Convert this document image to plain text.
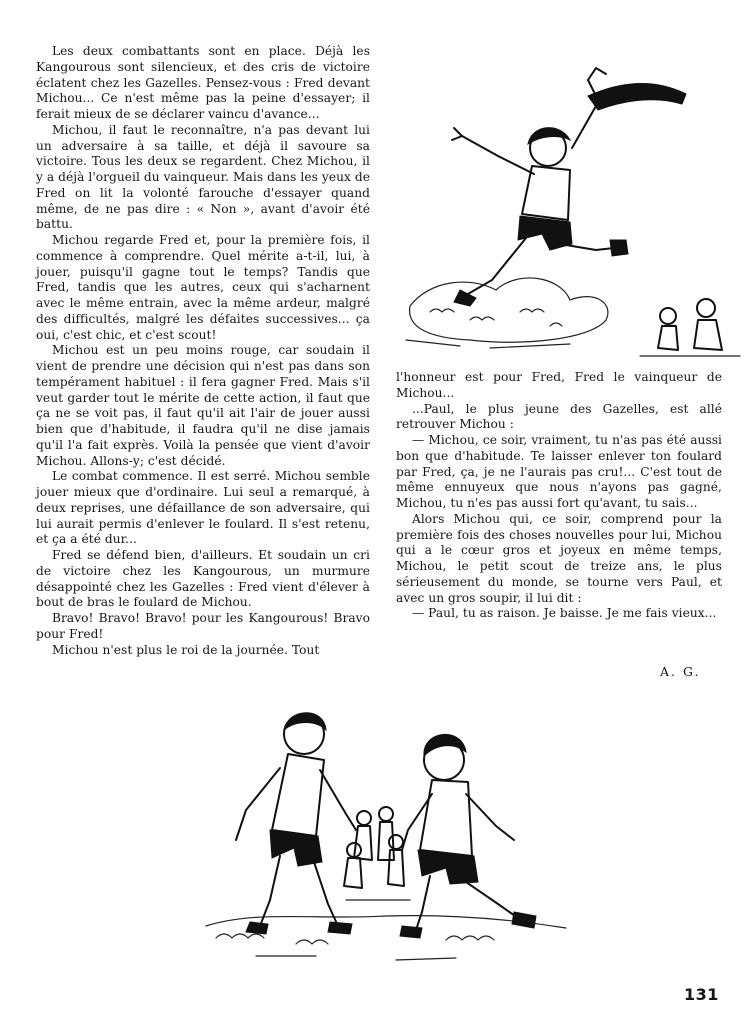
Les deux combattants sont en place. Déjà les Kangourous sont silencieux, et des cris de victoire éclatent chez les Gazelles. Pensez-vous : Fred devant Michou... Ce n'est même pas la peine d'essayer; il ferait mieux de se déclarer vaincu d'avance...

Michou, il faut le reconnaître, n'a pas devant lui un adversaire à sa taille, et déjà il savoure sa victoire. Tous les deux se regardent. Chez Michou, il y a déjà l'orgueil du vainqueur. Mais dans les yeux de Fred on lit la volonté farouche d'essayer quand même, de ne pas dire : « Non », avant d'avoir été battu.

Michou regarde Fred et, pour la première fois, il commence à comprendre. Quel mérite a-t-il, lui, à jouer, puisqu'il gagne tout le temps? Tandis que Fred, tandis que les autres, ceux qui s'acharnent avec le même entrain, avec la même ardeur, malgré des difficultés, malgré les défaites successives... ça oui, c'est chic, et c'est scout!

Michou est un peu moins rouge, car soudain il vient de prendre une décision qui n'est pas dans son tempérament habituel : il fera gagner Fred. Mais s'il veut garder tout le mérite de cette action, il faut que ça ne se voit pas, il faut qu'il ait l'air de jouer aussi bien que d'habitude, il faudra qu'il ne dise jamais qu'il l'a fait exprès. Voilà la pensée que vient d'avoir Michou. Allons-y; c'est décidé.

Le combat commence. Il est serré. Michou semble jouer mieux que d'ordinaire. Lui seul a remarqué, à deux reprises, une défaillance de son adversaire, qui lui aurait permis d'enlever le foulard. Il s'est retenu, et ça a été dur...

Fred se défend bien, d'ailleurs. Et soudain un cri de victoire chez les Kangourous, un murmure désappointé chez les Gazelles : Fred vient d'élever à bout de bras le foulard de Michou.

Bravo! Bravo! Bravo! pour les Kangourous! Bravo pour Fred!

Michou n'est plus le roi de la journée. Tout

l'honneur est pour Fred, Fred le vainqueur de Michou...

...Paul, le plus jeune des Gazelles, est allé retrouver Michou :

— Michou, ce soir, vraiment, tu n'as pas été aussi bon que d'habitude. Te laisser enlever ton foulard par Fred, ça, je ne l'aurais pas cru!... C'est tout de même ennuyeux que nous n'ayons pas gagné, Michou, tu n'es pas aussi fort qu'avant, tu sais...

Alors Michou qui, ce soir, comprend pour la première fois des choses nouvelles pour lui, Michou qui a le cœur gros et joyeux en même temps, Michou, le petit scout de treize ans, le plus sérieusement du monde, se tourne vers Paul, et avec un gros soupir, il lui dit :

— Paul, tu as raison. Je baisse. Je me fais vieux...

A. G.
131
